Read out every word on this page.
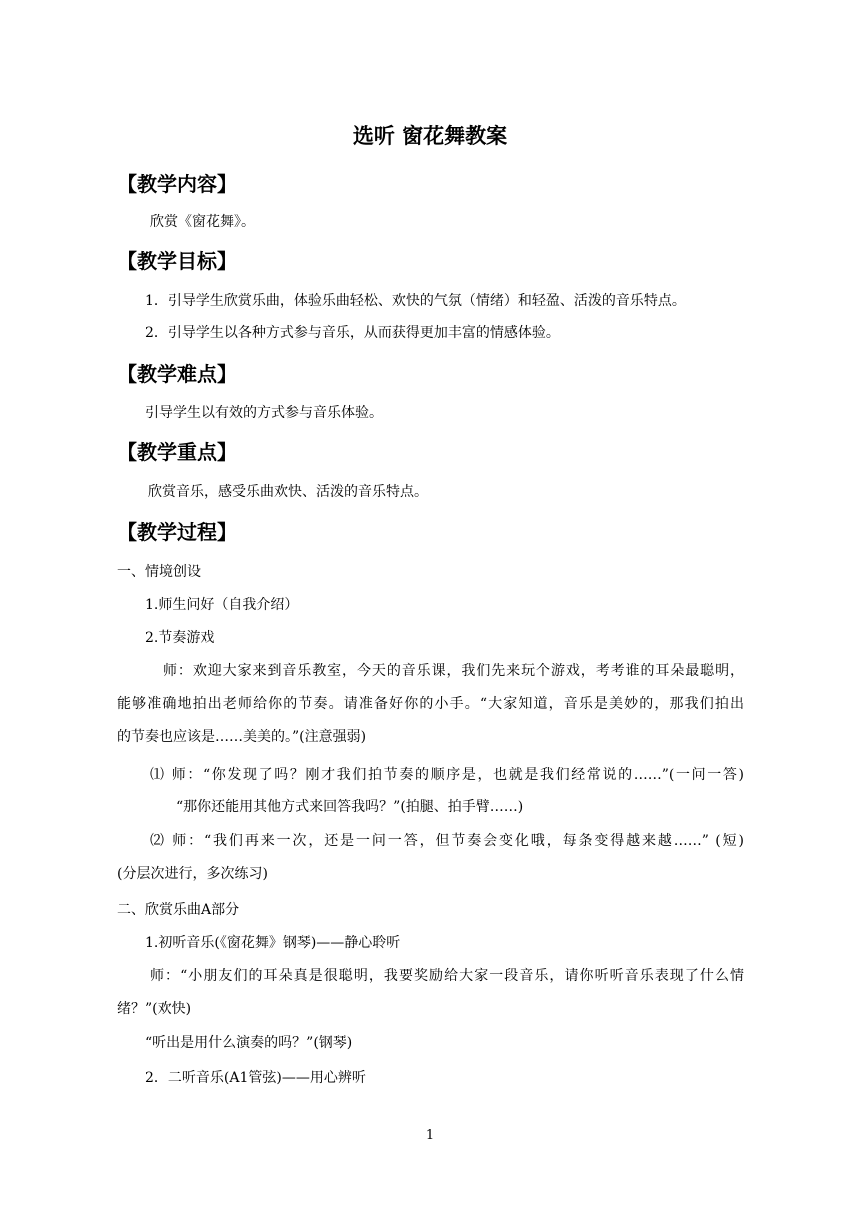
选听 窗花舞教案
【教学内容】
欣赏《窗花舞》。
【教学目标】
1．引导学生欣赏乐曲，体验乐曲轻松、欢快的气氛（情绪）和轻盈、活泼的音乐特点。
2．引导学生以各种方式参与音乐，从而获得更加丰富的情感体验。
【教学难点】
引导学生以有效的方式参与音乐体验。
【教学重点】
欣赏音乐，感受乐曲欢快、活泼的音乐特点。
【教学过程】
一、情境创设
1.师生问好（自我介绍）
2.节奏游戏
师：欢迎大家来到音乐教室，今天的音乐课，我们先来玩个游戏，考考谁的耳朵最聪明，
能够准确地拍出老师给你的节奏。请准备好你的小手。“大家知道，音乐是美妙的，那我们拍出
的节奏也应该是……美美的。”(注意强弱)
⑴ 师：“你发现了吗？刚才我们拍节奏的顺序是，也就是我们经常说的……”(一问一答)
“那你还能用其他方式来回答我吗？”(拍腿、拍手臂……)
⑵ 师：“我们再来一次，还是一问一答，但节奏会变化哦，每条变得越来越……” (短)
(分层次进行，多次练习)
二、欣赏乐曲A部分
1.初听音乐(《窗花舞》钢琴)——静心聆听
师：“小朋友们的耳朵真是很聪明，我要奖励给大家一段音乐，请你听听音乐表现了什么情
绪？”(欢快)
“听出是用什么演奏的吗？”(钢琴)
2．二听音乐(A1管弦)——用心辨听
1
